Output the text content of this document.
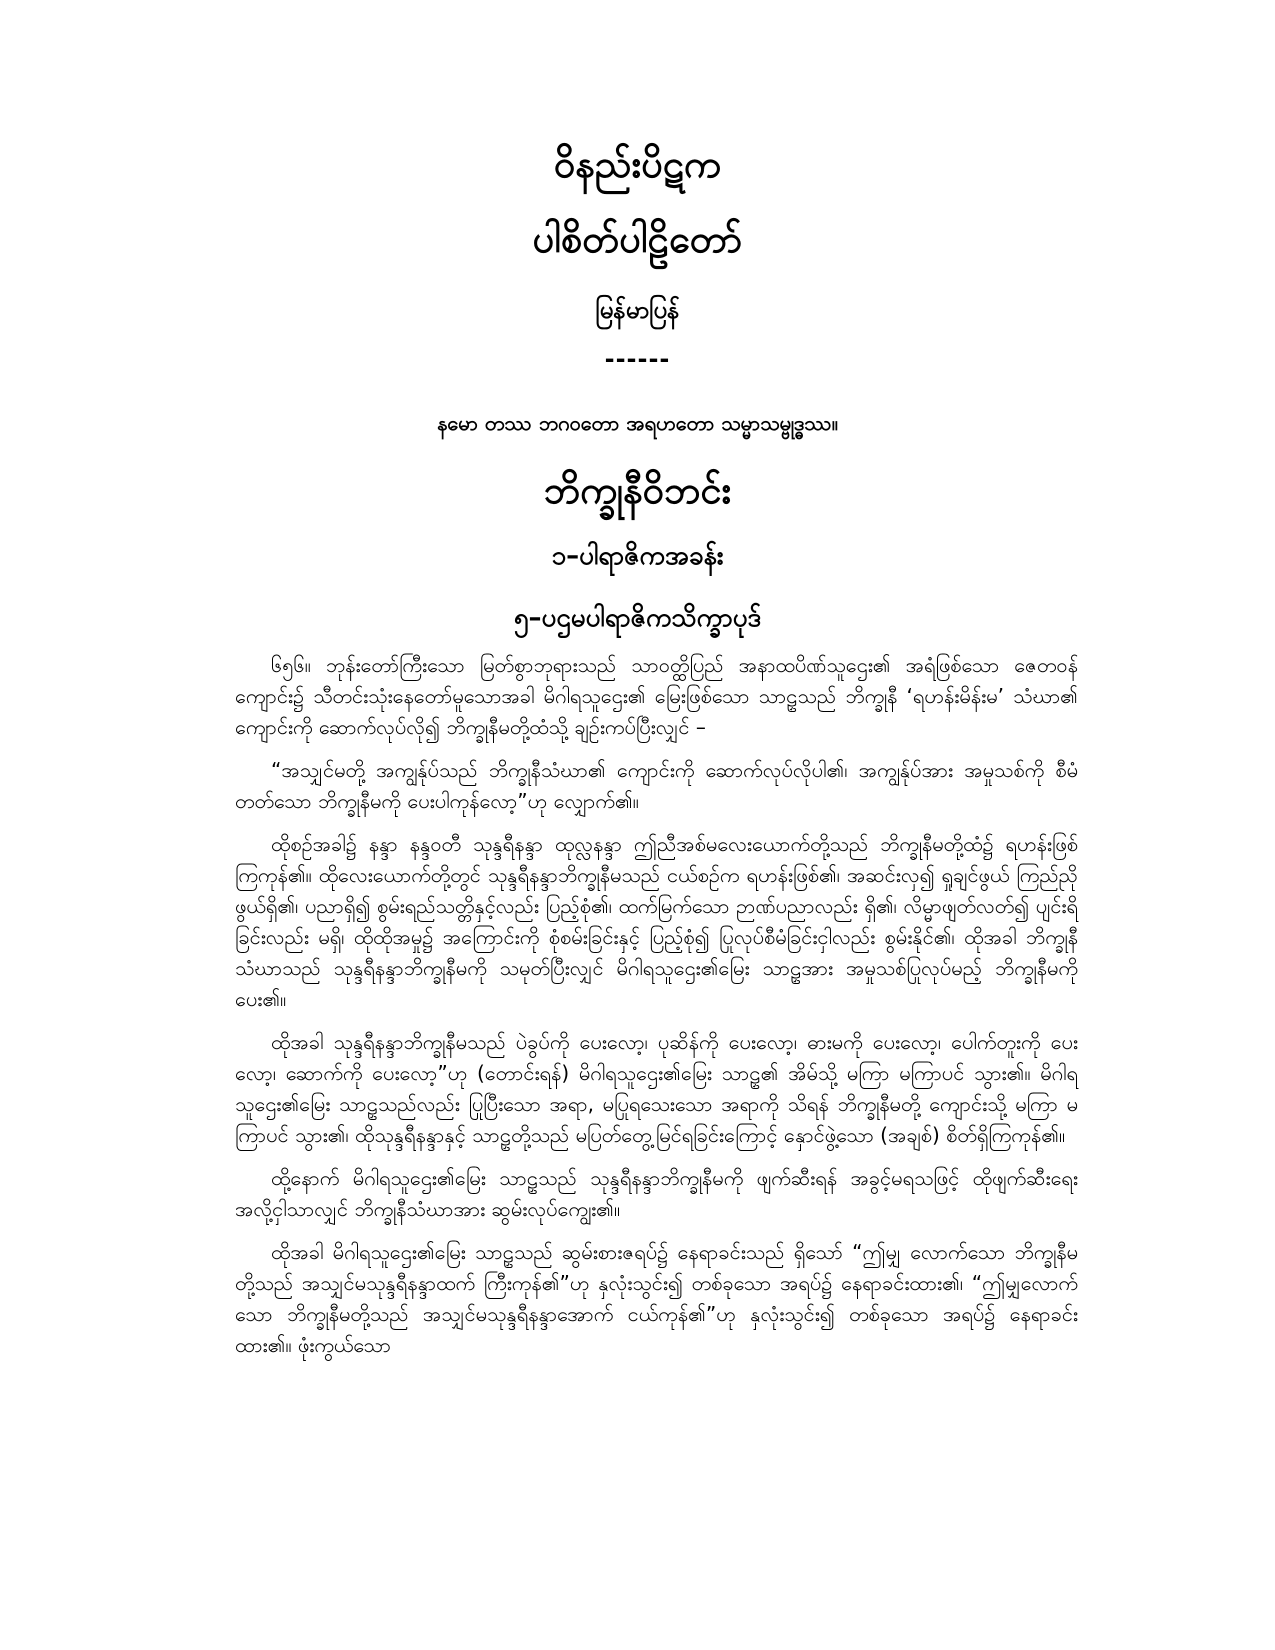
ဝိနည်းပိဋက
ပါစိတ်ပါဠိတော်
မြန်မာပြန်
------
နမော တဿ ဘဂဝတော အရဟတော သမ္မာသမ္ဗုဒ္ဓဿ။
ဘိက္ခုနီဝိဘင်း
၁–ပါရာဇိကအခန်း
၅–ပဌမပါရာဇိကသိက္ခာပုဒ်

၆၅၆။ ဘုန်းတော်ကြီးသော မြတ်စွာဘုရားသည် သာဝတ္ထိပြည် အနာထပိဏ်သူဌေး၏ အရံဖြစ်သော ဇေတဝန်ကျောင်း၌ သီတင်းသုံးနေတော်မူသောအခါ မိဂါရသူဌေး၏ မြေးဖြစ်သော သာဠှသည် ဘိက္ခုနီ ‘ရဟန်းမိန်းမ’ သံဃာ၏ ကျောင်းကို ဆောက်လုပ်လို၍ ဘိက္ခုနီမတို့ထံသို့ ချဉ်းကပ်ပြီးလျှင် –

“အသျှင်မတို့ အကျွန်ုပ်သည် ဘိက္ခုနီသံဃာ၏ ကျောင်းကို ဆောက်လုပ်လိုပါ၏၊ အကျွန်ုပ်အား အမှုသစ်ကို စီမံတတ်သော ဘိက္ခုနီမကို ပေးပါကုန်လော့”ဟု လျှောက်၏။

ထိုစဉ်အခါ၌ နန္ဒာ နန္ဒဝတီ သုန္ဒရီနန္ဒာ ထုလ္လနန္ဒာ ဤညီအစ်မလေးယောက်တို့သည် ဘိက္ခုနီမတို့ထံ၌ ရဟန်းဖြစ်ကြကုန်၏။ ထိုလေးယောက်တို့တွင် သုန္ဒရီနန္ဒာဘိက္ခုနီမသည် ငယ်စဉ်က ရဟန်းဖြစ်၏၊ အဆင်းလှ၍ ရှုချင်ဖွယ် ကြည်ညိုဖွယ်ရှိ၏၊ ပညာရှိ၍ စွမ်းရည်သတ္တိနှင့်လည်း ပြည့်စုံ၏၊ ထက်မြက်သော ဉာဏ်ပညာလည်း ရှိ၏၊ လိမ္မာဖျတ်လတ်၍ ပျင်းရိခြင်းလည်း မရှိ၊ ထိုထိုအမှု၌ အကြောင်းကို စုံစမ်းခြင်းနှင့် ပြည့်စုံ၍ ပြုလုပ်စီမံခြင်းငှါလည်း စွမ်းနိုင်၏၊ ထိုအခါ ဘိက္ခုနီသံဃာသည် သုန္ဒရီနန္ဒာဘိက္ခုနီမကို သမုတ်ပြီးလျှင် မိဂါရသူဌေး၏မြေး သာဠှအား အမှုသစ်ပြုလုပ်မည့် ဘိက္ခုနီမကို ပေး၏။

ထိုအခါ သုန္ဒရီနန္ဒာဘိက္ခုနီမသည် ပဲခွပ်ကို ပေးလော့၊ ပုဆိန်ကို ပေးလော့၊ ဓားမကို ပေးလော့၊ ပေါက်တူးကို ပေးလော့၊ ဆောက်ကို ပေးလော့”ဟု (တောင်းရန်) မိဂါရသူဌေး၏မြေး သာဠှ၏ အိမ်သို့ မကြာ မကြာပင် သွား၏။ မိဂါရသူဌေး၏မြေး သာဠှသည်လည်း ပြုပြီးသော အရာ, မပြုရသေးသော အရာကို သိရန် ဘိက္ခုနီမတို့ ကျောင်းသို့ မကြာ မကြာပင် သွား၏၊ ထိုသုန္ဒရီနန္ဒာနှင့် သာဠှတို့သည် မပြတ်တွေ့မြင်ရခြင်းကြောင့် နှောင်ဖွဲ့သော (အချစ်) စိတ်ရှိကြကုန်၏။

ထို့နောက် မိဂါရသူဌေး၏မြေး သာဠှသည် သုန္ဒရီနန္ဒာဘိက္ခုနီမကို ဖျက်ဆီးရန် အခွင့်မရသဖြင့် ထိုဖျက်ဆီးရေးအလို့ငှါသာလျှင် ဘိက္ခုနီသံဃာအား ဆွမ်းလုပ်ကျွေး၏။

ထိုအခါ မိဂါရသူဌေး၏မြေး သာဠှသည် ဆွမ်းစားဇရပ်၌ နေရာခင်းသည် ရှိသော် “ဤမျှ လောက်သော ဘိက္ခုနီမတို့သည် အသျှင်မသုန္ဒရီနန္ဒာထက် ကြီးကုန်၏”ဟု နှလုံးသွင်း၍ တစ်ခုသော အရပ်၌ နေရာခင်းထား၏၊ “ဤမျှလောက်သော ဘိက္ခုနီမတို့သည် အသျှင်မသုန္ဒရီနန္ဒာအောက် ငယ်ကုန်၏”ဟု နှလုံးသွင်း၍ တစ်ခုသော အရပ်၌ နေရာခင်းထား၏။ ဖုံးကွယ်သော
